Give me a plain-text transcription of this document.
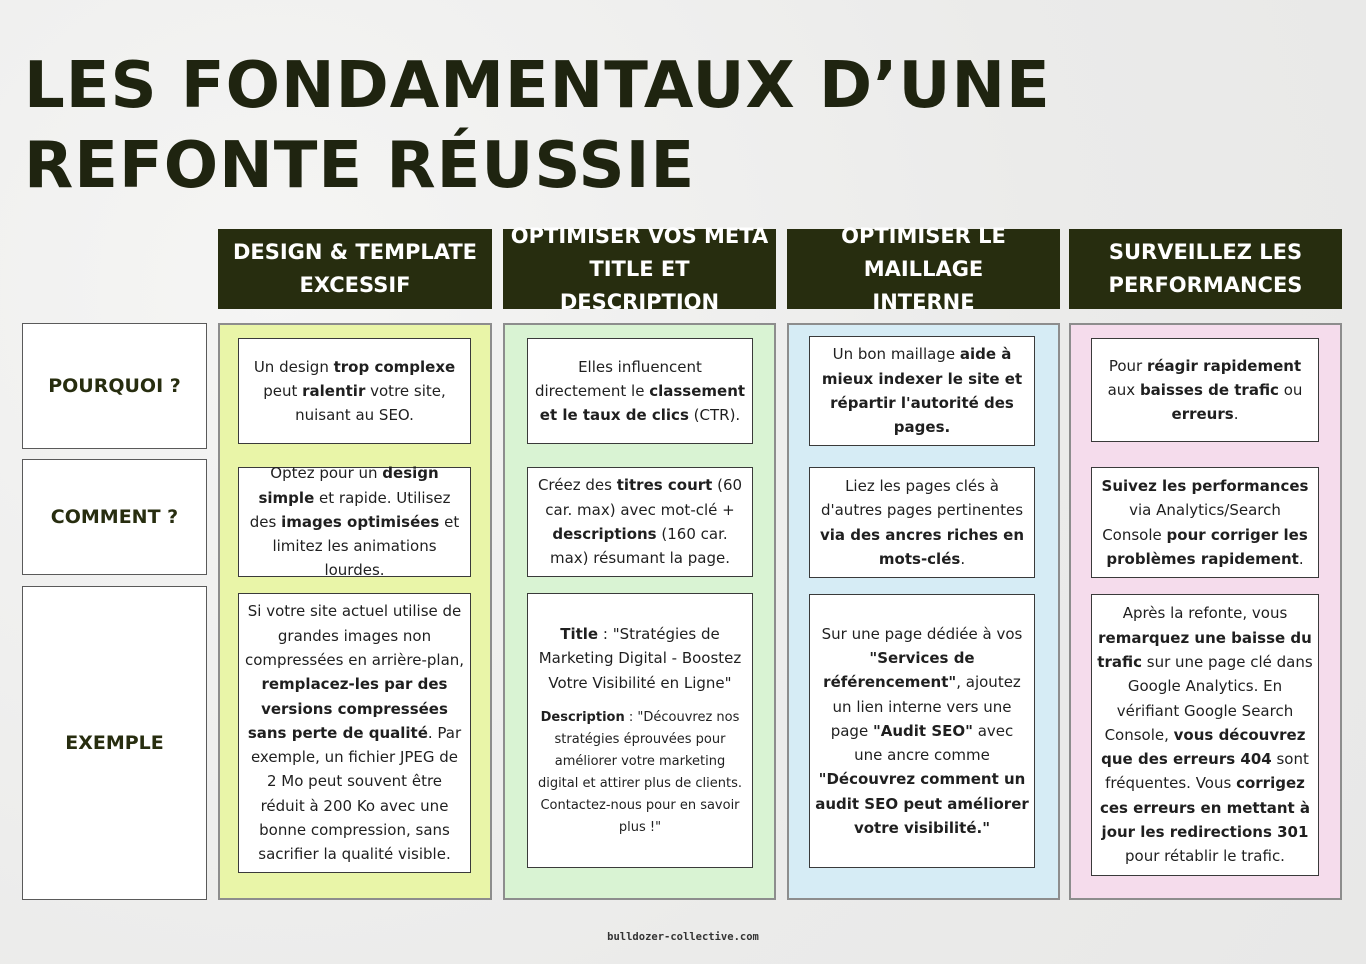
LES FONDAMENTAUX D’UNE
REFONTE RÉUSSIE
DESIGN & TEMPLATE
EXCESSIF
OPTIMISER VOS META
TITLE ET DESCRIPTION
OPTIMISER LE MAILLAGE
INTERNE
SURVEILLEZ LES
PERFORMANCES
POURQUOI ?
COMMENT ?
EXEMPLE
Un design trop complexe peut ralentir votre site, nuisant au SEO.
Optez pour un design simple et rapide. Utilisez des images optimisées et limitez les animations lourdes.
Si votre site actuel utilise de grandes images non compressées en arrière-plan, remplacez-les par des versions compressées sans perte de qualité. Par exemple, un fichier JPEG de 2 Mo peut souvent être réduit à 200 Ko avec une bonne compression, sans sacrifier la qualité visible.
Elles influencent directement le classement et le taux de clics (CTR).
Créez des titres court (60 car. max) avec mot-clé + descriptions (160 car. max) résumant la page.
Title : "Stratégies de Marketing Digital - Boostez Votre Visibilité en Ligne"
Description : "Découvrez nos stratégies éprouvées pour améliorer votre marketing digital et attirer plus de clients. Contactez-nous pour en savoir plus !"
Un bon maillage aide à mieux indexer le site et répartir l'autorité des pages.
Liez les pages clés à d'autres pages pertinentes via des ancres riches en mots-clés.
Sur une page dédiée à vos "Services de référencement", ajoutez un lien interne vers une page "Audit SEO" avec une ancre comme "Découvrez comment un audit SEO peut améliorer votre visibilité."
Pour réagir rapidement aux baisses de trafic ou erreurs.
Suivez les performances via Analytics/Search Console pour corriger les problèmes rapidement.
Après la refonte, vous remarquez une baisse du trafic sur une page clé dans Google Analytics. En vérifiant Google Search Console, vous découvrez que des erreurs 404 sont fréquentes. Vous corrigez ces erreurs en mettant à jour les redirections 301 pour rétablir le trafic.
bulldozer-collective.com
